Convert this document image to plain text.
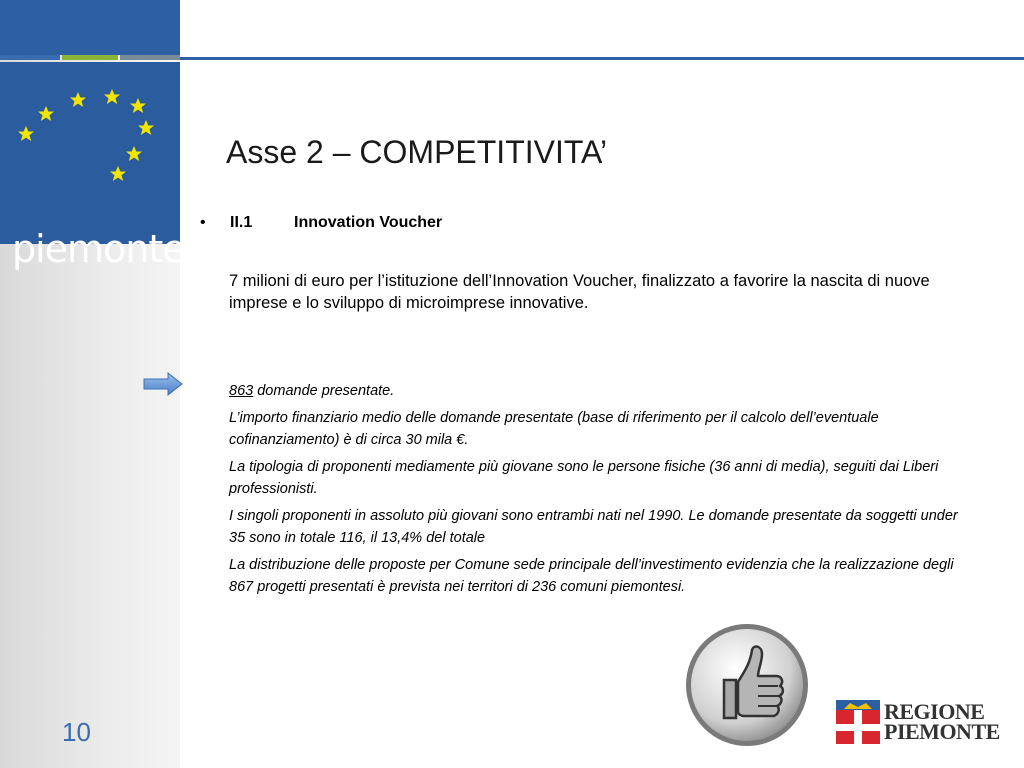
piemonte
10
Asse 2 – COMPETITIVITA’
•	II.1	Innovation Voucher

7 milioni di euro per l’istituzione dell’Innovation Voucher, finalizzato a favorire la nascita di nuove imprese e lo sviluppo di microimprese innovative.

863 domande presentate.

L’importo finanziario medio delle domande presentate (base di riferimento per il calcolo dell’eventuale cofinanziamento) è di circa 30 mila €.

La tipologia di proponenti mediamente più giovane sono le persone fisiche (36 anni di media), seguiti dai Liberi professionisti.

I singoli proponenti in assoluto più giovani sono entrambi nati nel 1990. Le domande presentate da soggetti under 35 sono in totale 116, il 13,4% del totale

La distribuzione delle proposte per Comune sede principale dell’investimento evidenzia che la realizzazione degli 867 progetti presentati è prevista nei territori di 236 comuni piemontesi.

REGIONE
PIEMONTE
